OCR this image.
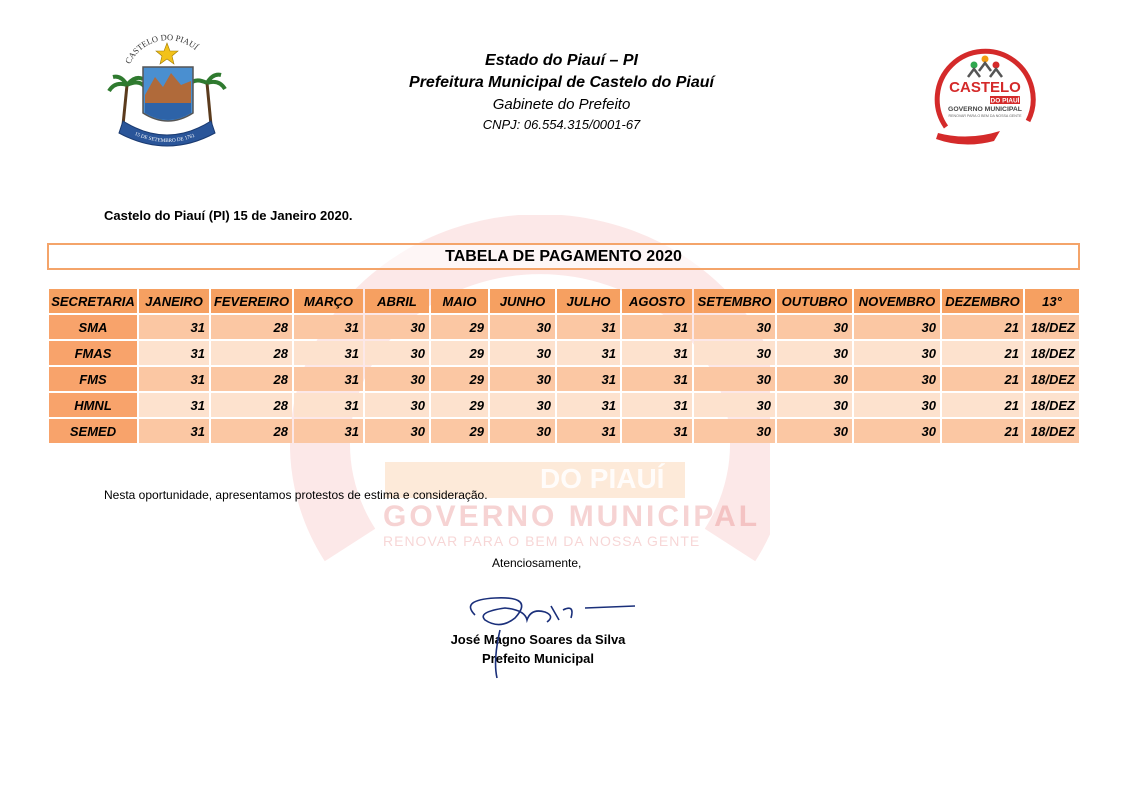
DO PIAUÍ
GOVERNO MUNICIPAL
RENOVAR PARA O BEM DA NOSSA GENTE
CASTELO DO PIAUÍ
15 DE SETEMBRO DE 1761
CASTELO
DO PIAUÍ
GOVERNO MUNICIPAL
RENOVAR PARA O BEM DA NOSSA GENTE
Estado do Piauí – PI
Prefeitura Municipal de Castelo do Piauí
Gabinete do Prefeito
CNPJ: 06.554.315/0001-67
Castelo do Piauí (PI) 15 de Janeiro 2020.
TABELA DE PAGAMENTO 2020
SECRETARIA	JANEIRO	FEVEREIRO	MARÇO	ABRIL	MAIO	JUNHO	JULHO	AGOSTO	SETEMBRO	OUTUBRO	NOVEMBRO	DEZEMBRO	13°
SMA	31	28	31	30	29	30	31	31	30	30	30	21	18/DEZ
FMAS	31	28	31	30	29	30	31	31	30	30	30	21	18/DEZ
FMS	31	28	31	30	29	30	31	31	30	30	30	21	18/DEZ
HMNL	31	28	31	30	29	30	31	31	30	30	30	21	18/DEZ
SEMED	31	28	31	30	29	30	31	31	30	30	30	21	18/DEZ
Nesta oportunidade, apresentamos protestos de estima e consideração.
Atenciosamente,
José Magno Soares da Silva
Prefeito Municipal
